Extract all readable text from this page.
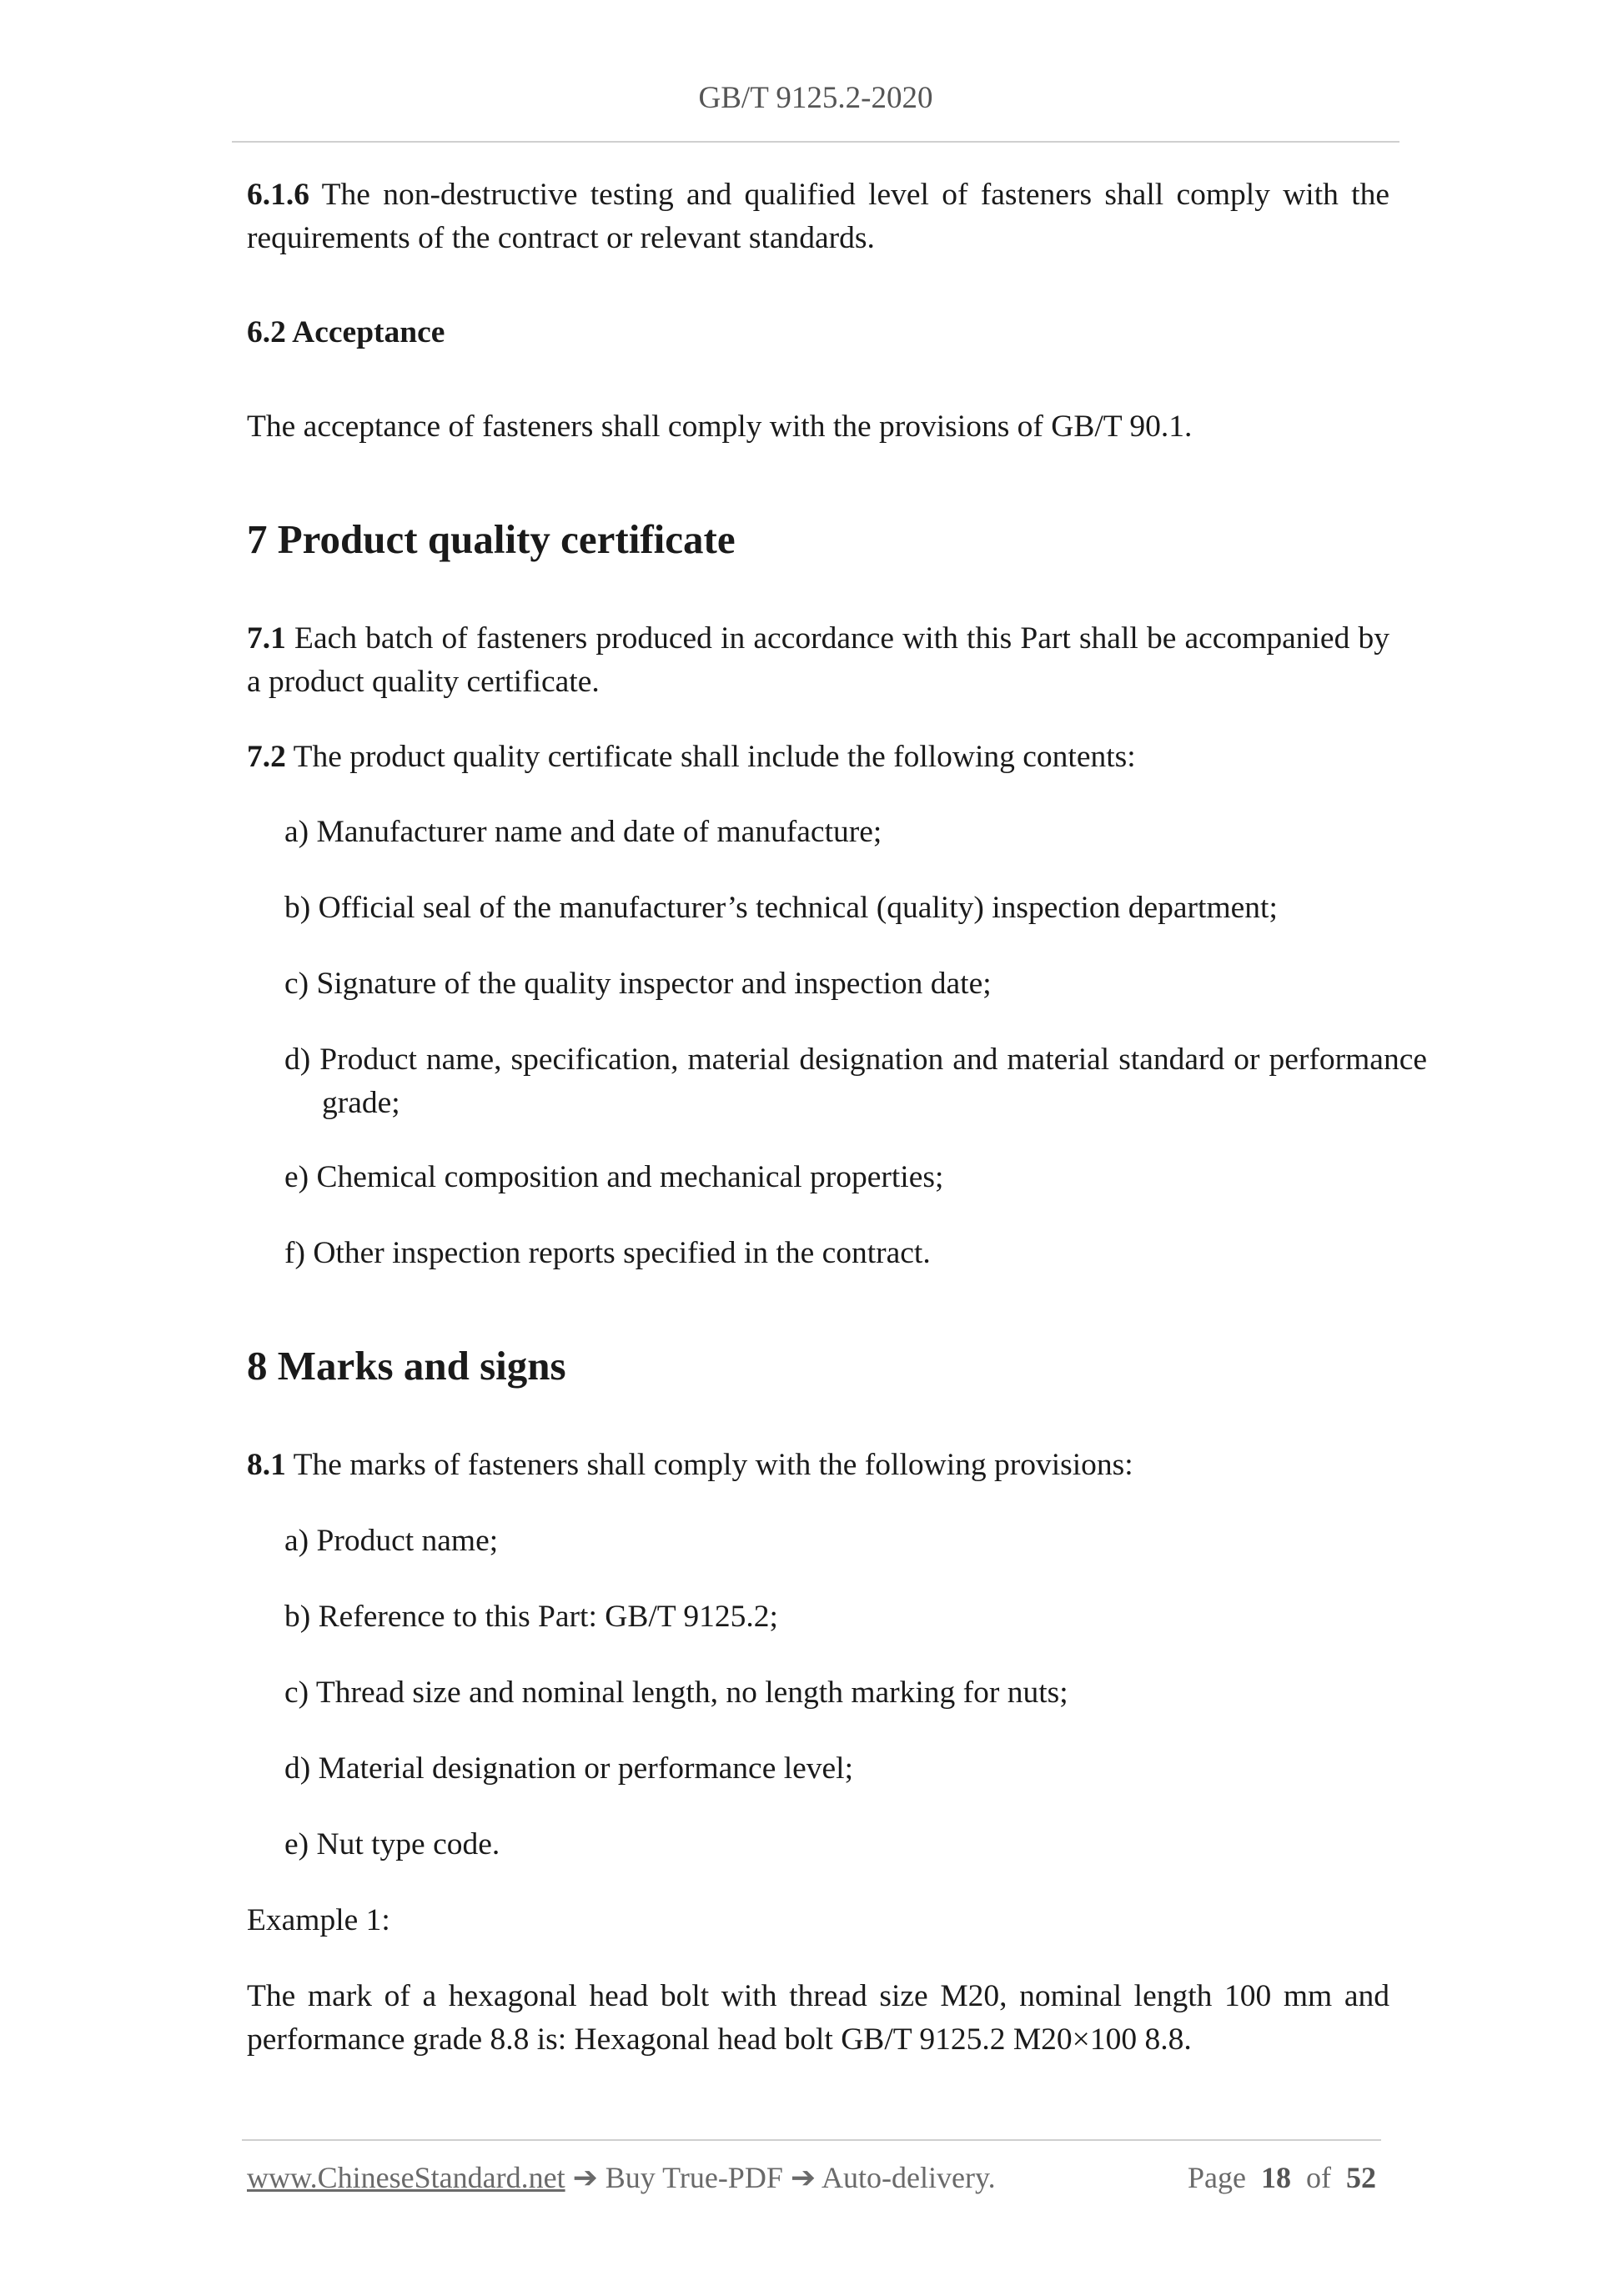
GB/T 9125.2-2020
6.1.6 The non-destructive testing and qualified level of fasteners shall comply with the requirements of the contract or relevant standards.
6.2 Acceptance
The acceptance of fasteners shall comply with the provisions of GB/T 90.1.
7 Product quality certificate
7.1 Each batch of fasteners produced in accordance with this Part shall be accompanied by a product quality certificate.
7.2 The product quality certificate shall include the following contents:
a) Manufacturer name and date of manufacture;
b) Official seal of the manufacturer’s technical (quality) inspection department;
c) Signature of the quality inspector and inspection date;
d) Product name, specification, material designation and material standard or performance grade;
e) Chemical composition and mechanical properties;
f) Other inspection reports specified in the contract.
8 Marks and signs
8.1 The marks of fasteners shall comply with the following provisions:
a) Product name;
b) Reference to this Part: GB/T 9125.2;
c) Thread size and nominal length, no length marking for nuts;
d) Material designation or performance level;
e) Nut type code.
Example 1:
The mark of a hexagonal head bolt with thread size M20, nominal length 100 mm and performance grade 8.8 is: Hexagonal head bolt GB/T 9125.2 M20×100 8.8.
www.ChineseStandard.net ➔ Buy True-PDF ➔ Auto-delivery.	Page 18 of 52
